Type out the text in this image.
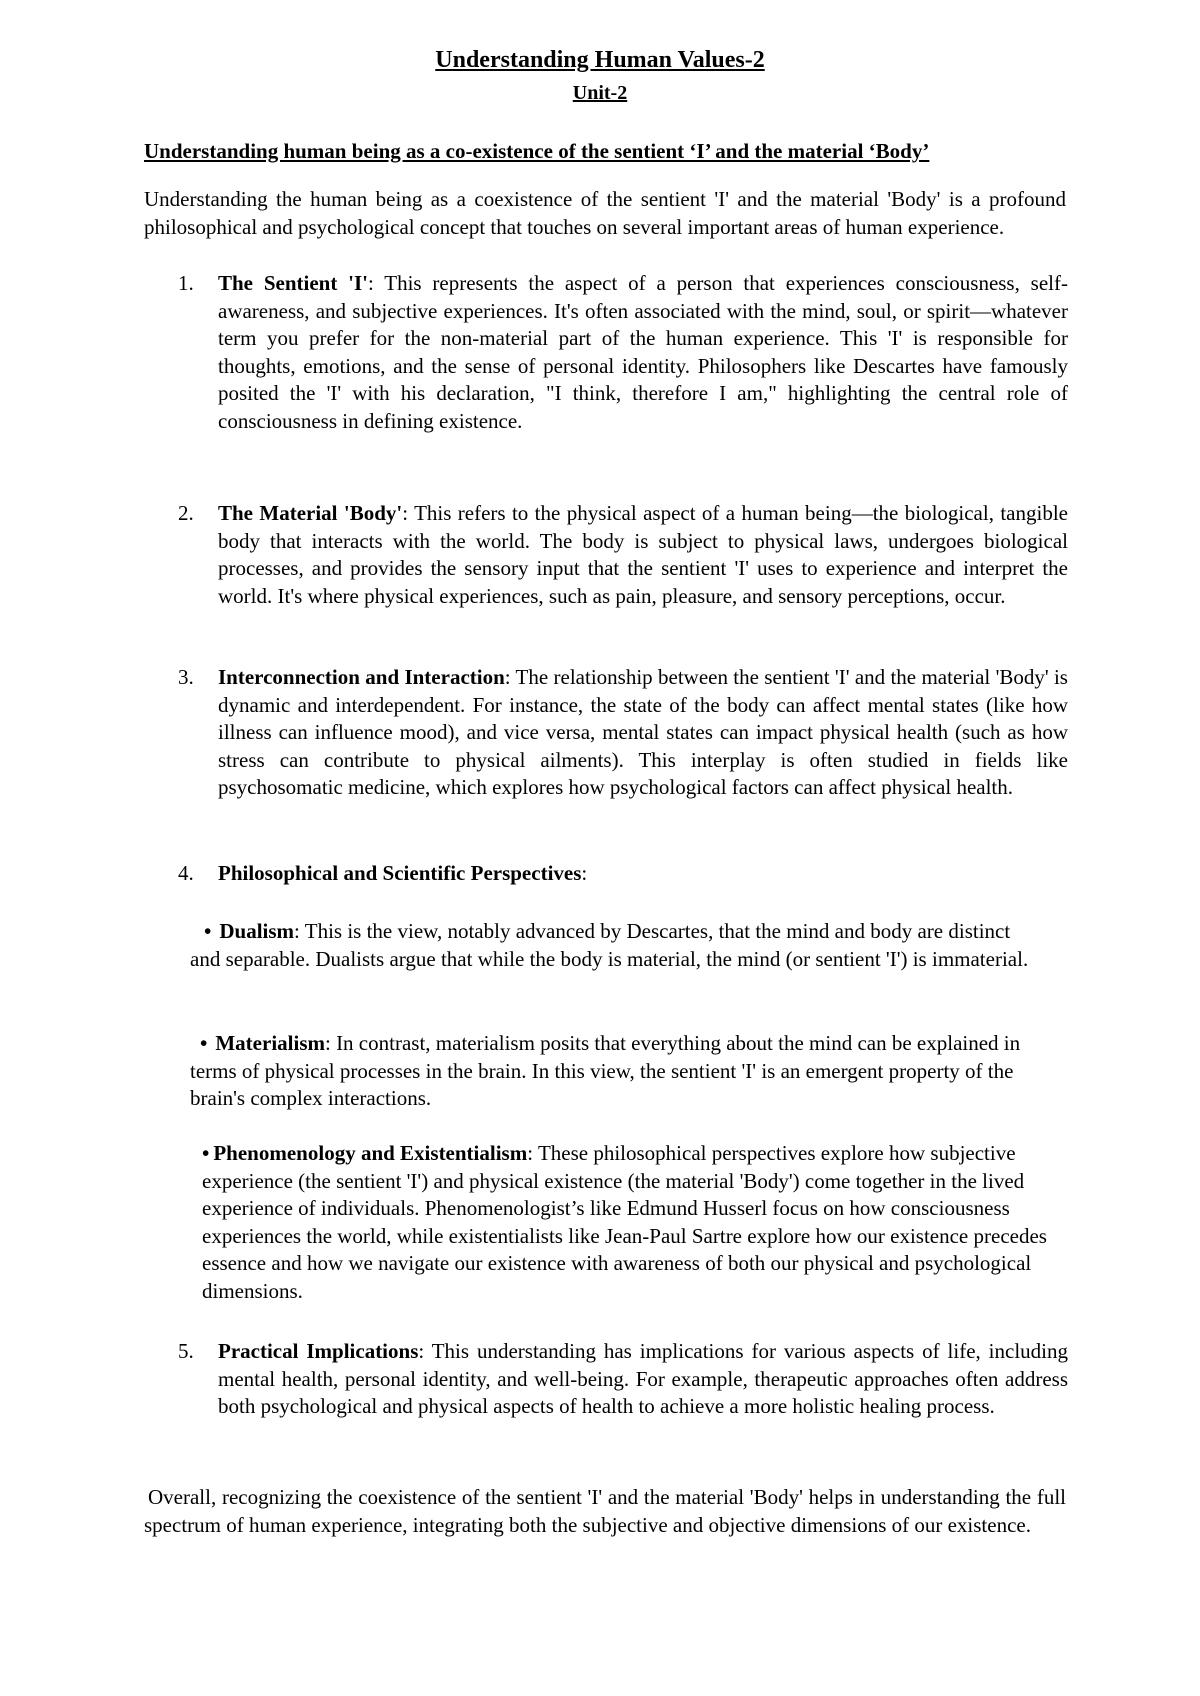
Understanding Human Values-2
Unit-2
Understanding human being as a co-existence of the sentient ‘I’ and the material ‘Body’

Understanding the human being as a coexistence of the sentient 'I' and the material 'Body' is a profound philosophical and psychological concept that touches on several important areas of human experience.

1.	The Sentient 'I': This represents the aspect of a person that experiences consciousness, self-awareness, and subjective experiences. It's often associated with the mind, soul, or spirit—whatever term you prefer for the non-material part of the human experience. This 'I' is responsible for thoughts, emotions, and the sense of personal identity. Philosophers like Descartes have famously posited the 'I' with his declaration, "I think, therefore I am," highlighting the central role of consciousness in defining existence.
2.	The Material 'Body': This refers to the physical aspect of a human being—the biological, tangible body that interacts with the world. The body is subject to physical laws, undergoes biological processes, and provides the sensory input that the sentient 'I' uses to experience and interpret the world. It's where physical experiences, such as pain, pleasure, and sensory perceptions, occur.
3.	Interconnection and Interaction: The relationship between the sentient 'I' and the material 'Body' is dynamic and interdependent. For instance, the state of the body can affect mental states (like how illness can influence mood), and vice versa, mental states can impact physical health (such as how stress can contribute to physical ailments). This interplay is often studied in fields like psychosomatic medicine, which explores how psychological factors can affect physical health.
4.	Philosophical and Scientific Perspectives:

• Dualism: This is the view, notably advanced by Descartes, that the mind and body are distinct and separable. Dualists argue that while the body is material, the mind (or sentient 'I') is immaterial.

• Materialism: In contrast, materialism posits that everything about the mind can be explained in terms of physical processes in the brain. In this view, the sentient 'I' is an emergent property of the brain's complex interactions.

• Phenomenology and Existentialism: These philosophical perspectives explore how subjective experience (the sentient 'I') and physical existence (the material 'Body') come together in the lived experience of individuals. Phenomenologist’s like Edmund Husserl focus on how consciousness experiences the world, while existentialists like Jean-Paul Sartre explore how our existence precedes essence and how we navigate our existence with awareness of both our physical and psychological dimensions.

5.	Practical Implications: This understanding has implications for various aspects of life, including mental health, personal identity, and well-being. For example, therapeutic approaches often address both psychological and physical aspects of health to achieve a more holistic healing process.

Overall, recognizing the coexistence of the sentient 'I' and the material 'Body' helps in understanding the full spectrum of human experience, integrating both the subjective and objective dimensions of our existence.
